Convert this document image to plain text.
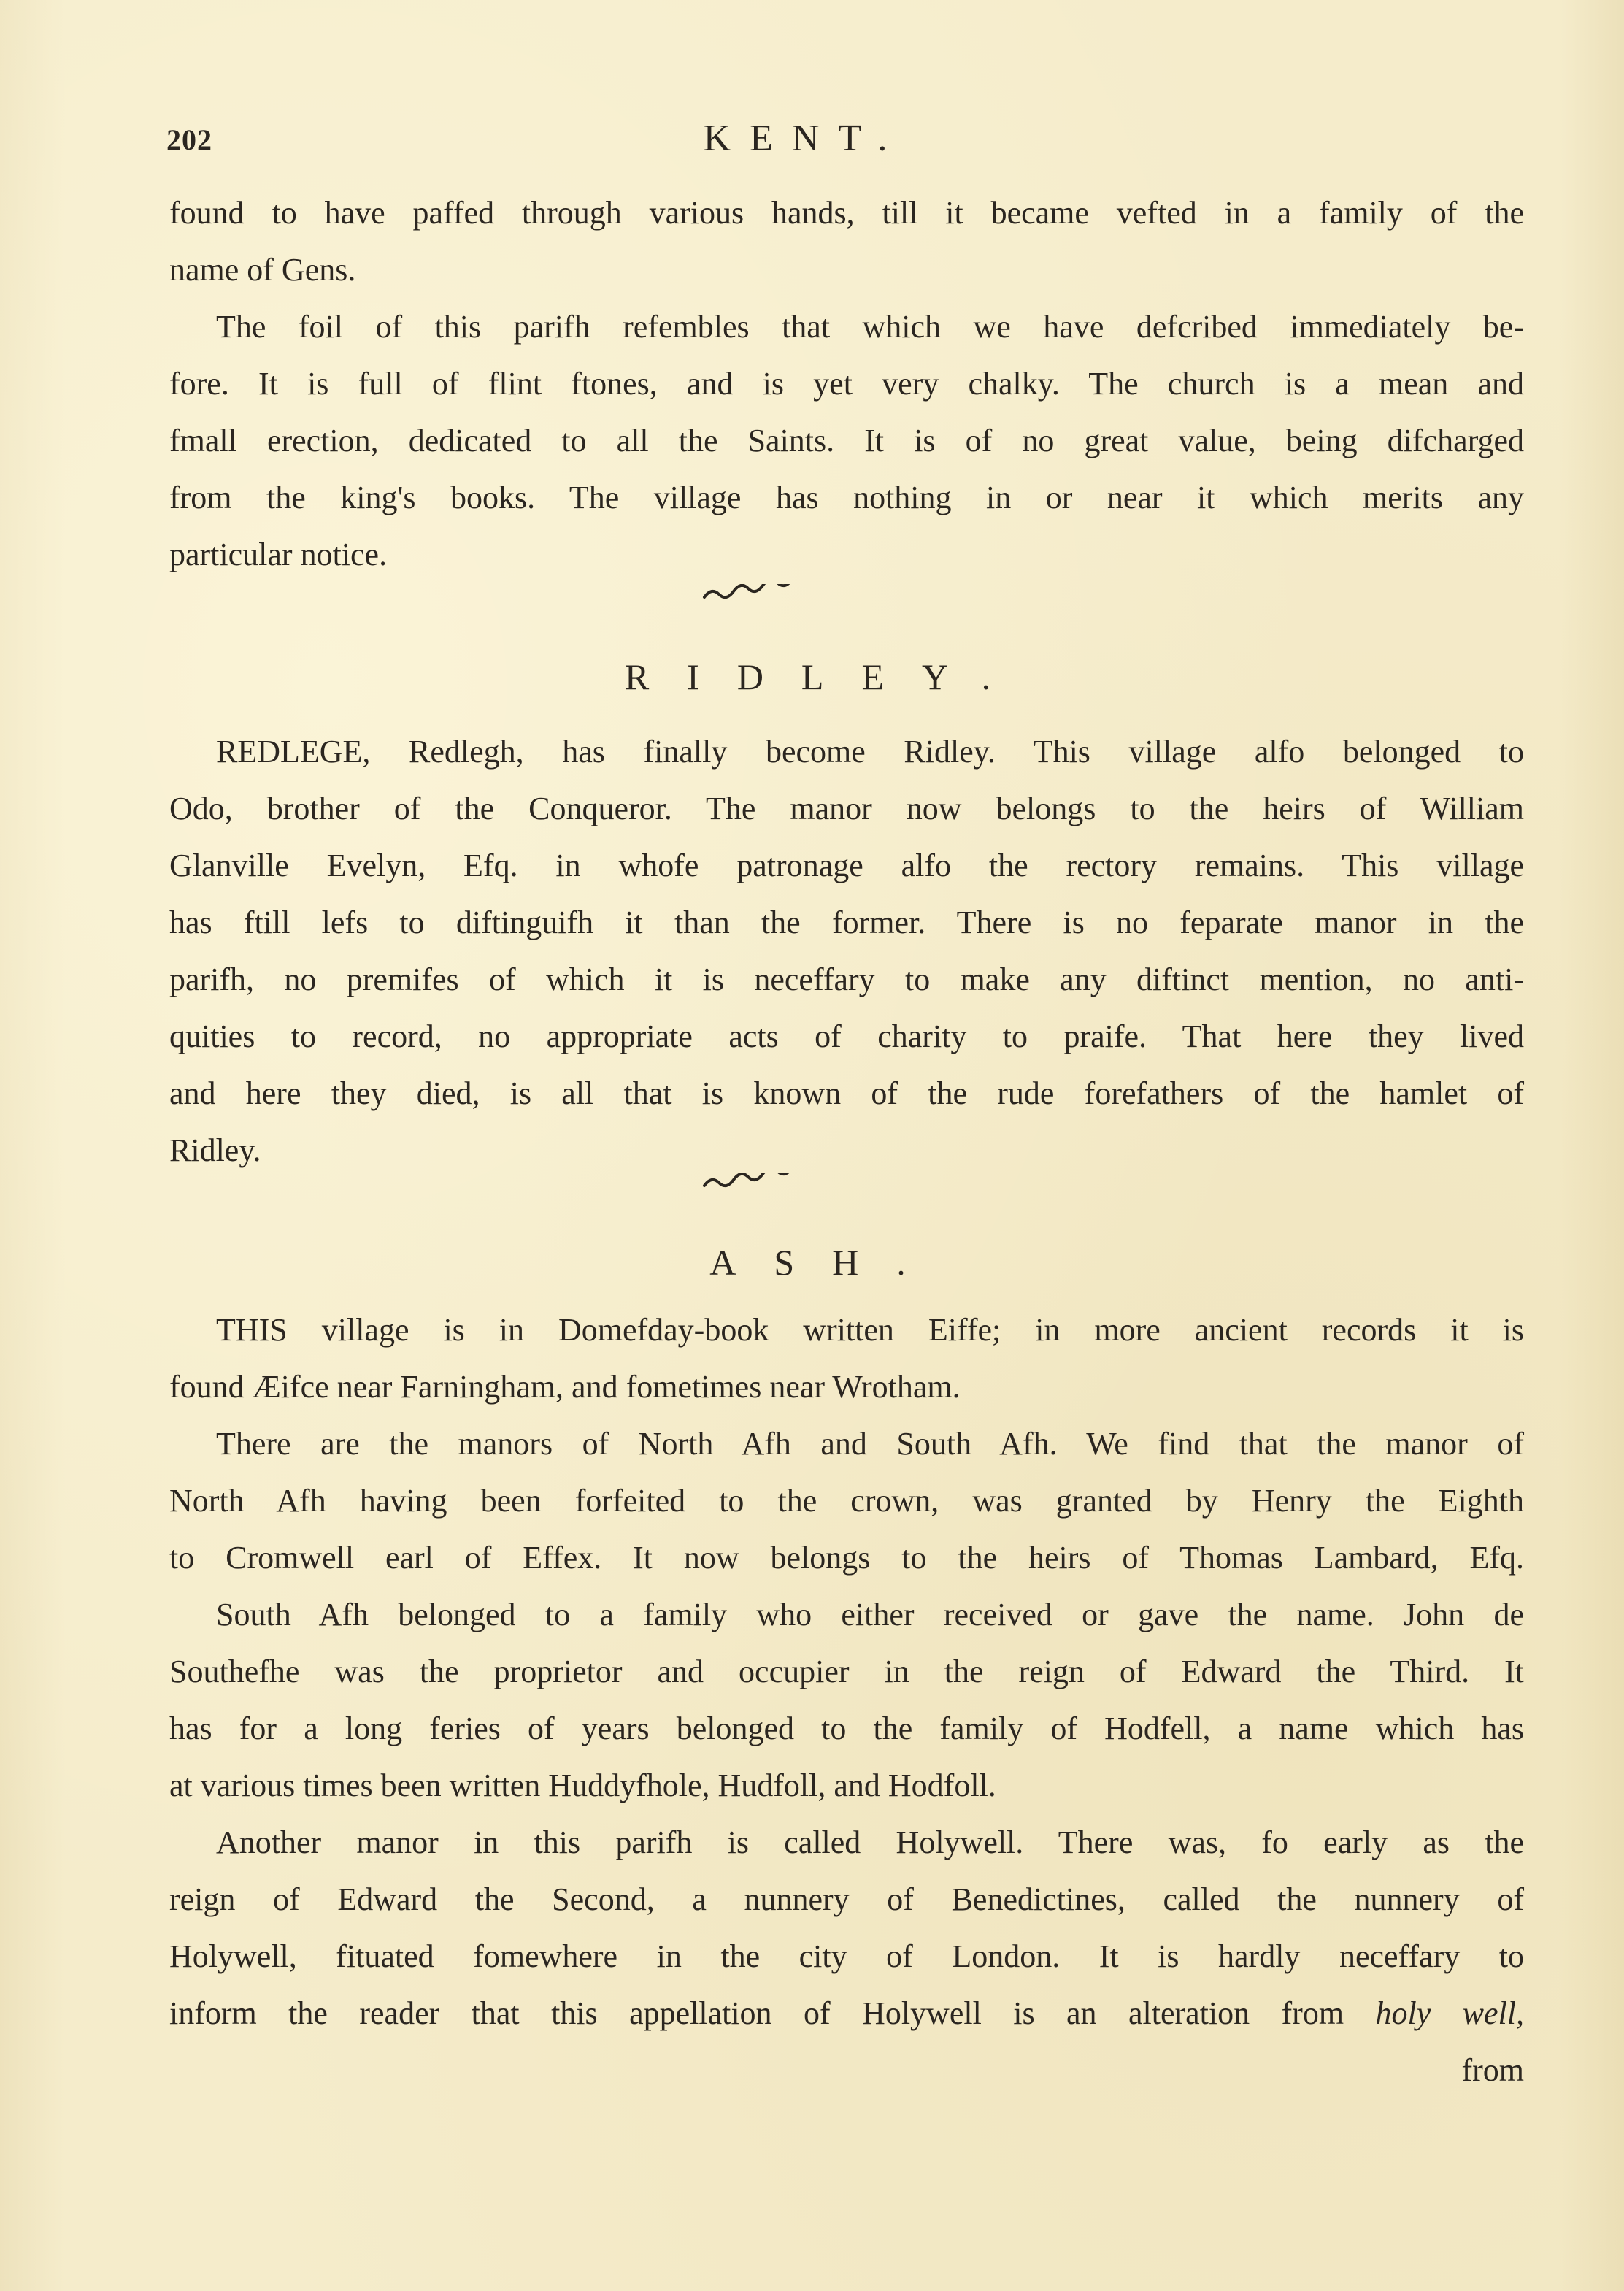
202	KENT.
found to have paffed through various hands, till it became vefted in a family of the
name of Gens.
The foil of this parifh refembles that which we have defcribed immediately be-
fore. It is full of flint ftones, and is yet very chalky. The church is a mean and
fmall erection, dedicated to all the Saints. It is of no great value, being difcharged
from the king's books. The village has nothing in or near it which merits any
particular notice.
RIDLEY.
REDLEGE, Redlegh, has finally become Ridley. This village alfo belonged to
Odo, brother of the Conqueror. The manor now belongs to the heirs of William
Glanville Evelyn, Efq. in whofe patronage alfo the rectory remains. This village
has ftill lefs to diftinguifh it than the former. There is no feparate manor in the
parifh, no premifes of which it is neceffary to make any diftinct mention, no anti-
quities to record, no appropriate acts of charity to praife. That here they lived
and here they died, is all that is known of the rude forefathers of the hamlet of
Ridley.
ASH.
THIS village is in Domefday-book written Eiffe; in more ancient records it is
found Æifce near Farningham, and fometimes near Wrotham.
There are the manors of North Afh and South Afh. We find that the manor of
North Afh having been forfeited to the crown, was granted by Henry the Eighth
to Cromwell earl of Effex. It now belongs to the heirs of Thomas Lambard, Efq.
South Afh belonged to a family who either received or gave the name. John de
Southefhe was the proprietor and occupier in the reign of Edward the Third. It
has for a long feries of years belonged to the family of Hodfell, a name which has
at various times been written Huddyfhole, Hudfoll, and Hodfoll.
Another manor in this parifh is called Holywell. There was, fo early as the
reign of Edward the Second, a nunnery of Benedictines, called the nunnery of
Holywell, fituated fomewhere in the city of London. It is hardly neceffary to
inform the reader that this appellation of Holywell is an alteration from holy well,
from
